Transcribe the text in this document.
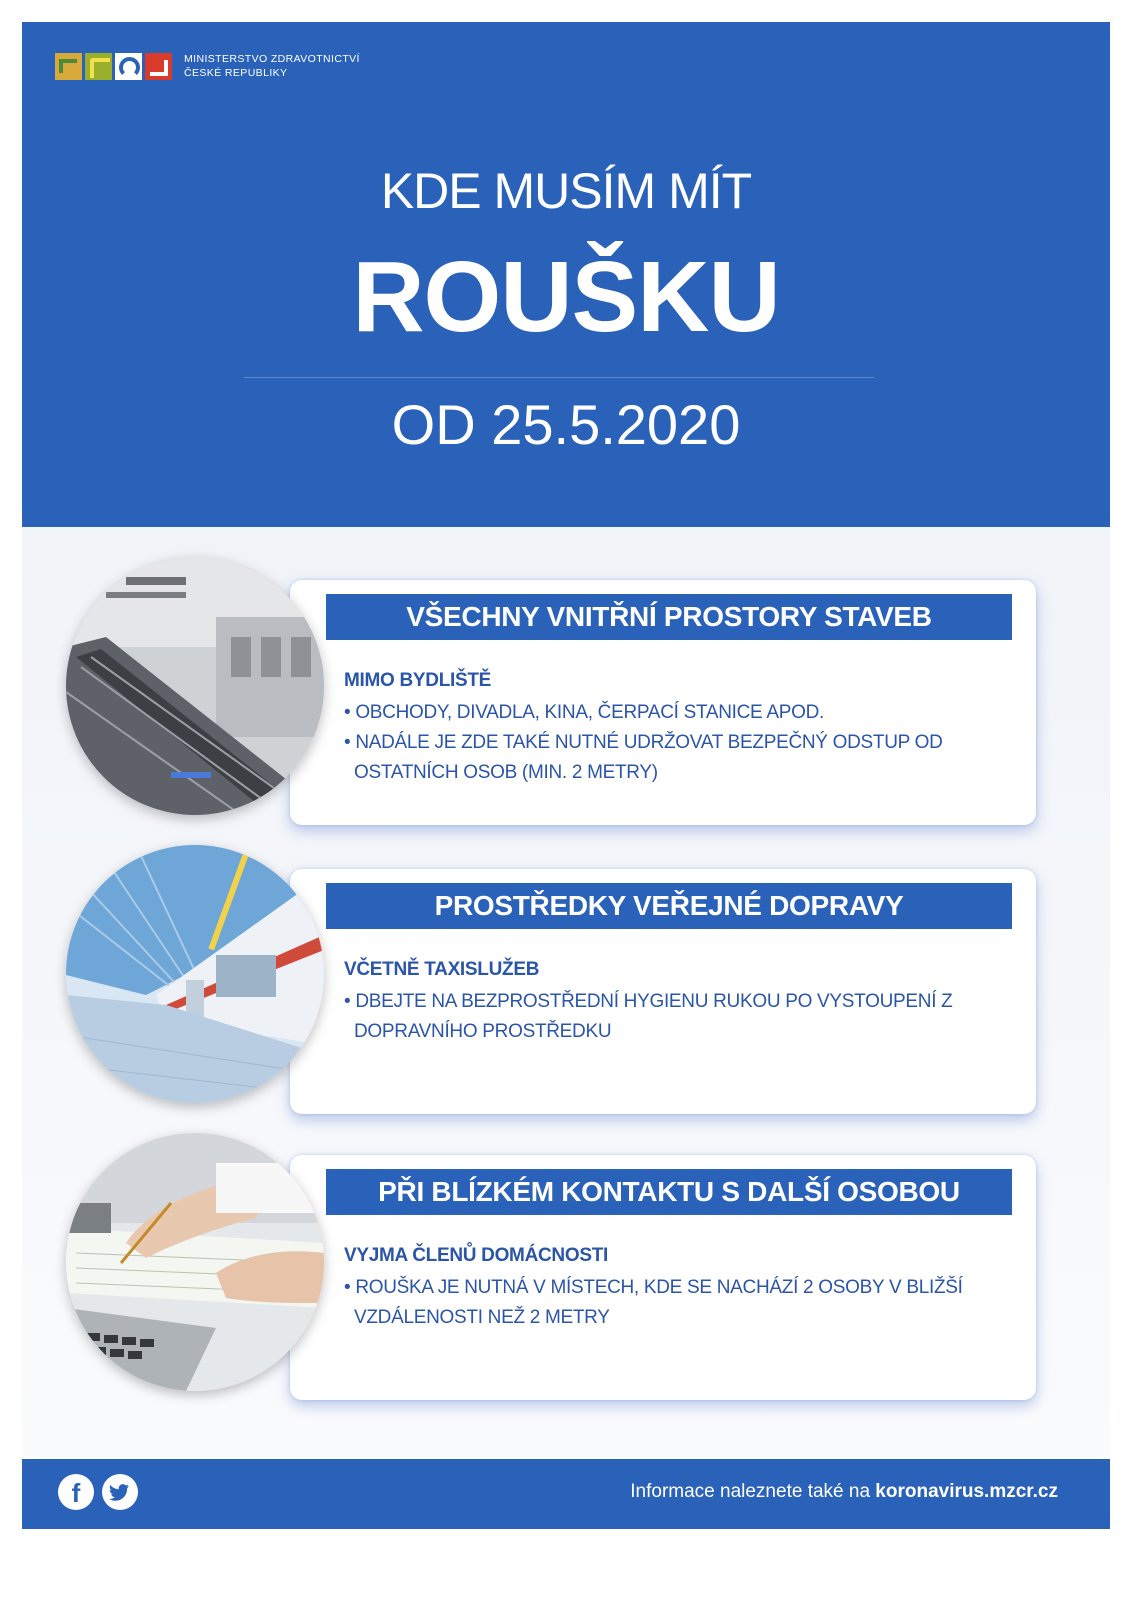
MINISTERSTVO ZDRAVOTNICTVÍ
ČESKÉ REPUBLIKY
KDE MUSÍM MÍT
ROUŠKU
OD 25.5.2020
VŠECHNY VNITŘNÍ PROSTORY STAVEB
MIMO BYDLIŠTĚ

• OBCHODY, DIVADLA, KINA, ČERPACÍ STANICE APOD.

• NADÁLE JE ZDE TAKÉ NUTNÉ UDRŽOVAT BEZPEČNÝ ODSTUP OD OSTATNÍCH OSOB (MIN. 2 METRY)

PROSTŘEDKY VEŘEJNÉ DOPRAVY
VČETNĚ TAXISLUŽEB

• DBEJTE NA BEZPROSTŘEDNÍ HYGIENU RUKOU PO VYSTOUPENÍ Z DOPRAVNÍHO PROSTŘEDKU

PŘI BLÍZKÉM KONTAKTU S DALŠÍ OSOBOU
VYJMA ČLENŮ DOMÁCNOSTI

• ROUŠKA JE NUTNÁ V MÍSTECH, KDE SE NACHÁZÍ 2 OSOBY V BLIŽŠÍ VZDÁLENOSTI NEŽ 2 METRY

f	Informace naleznete také na koronavirus.mzcr.cz
